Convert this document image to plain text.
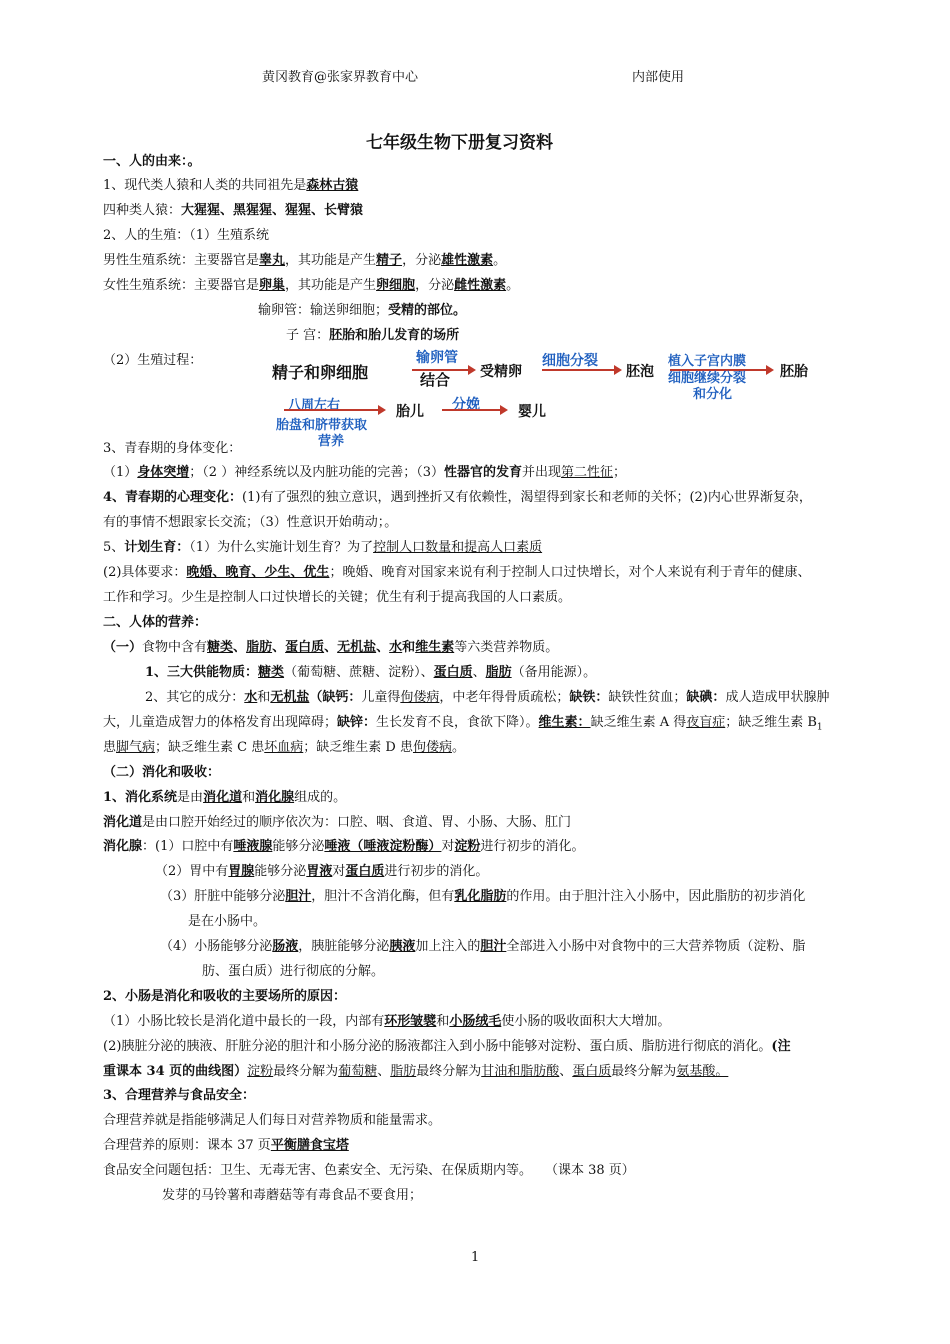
黄冈教育@张家界教育中心	内部使用
七年级生物下册复习资料
一、人的由来：。
1、现代类人猿和人类的共同祖先是森林古猿
四种类人猿：大猩猩、黑猩猩、猩猩、长臂猿
2、人的生殖：（1）生殖系统
男性生殖系统：主要器官是睾丸，其功能是产生精子，分泌雄性激素。
女性生殖系统：主要器官是卵巢，其功能是产生卵细胞，分泌雌性激素。
输卵管：输送卵细胞；受精的部位。
子 宫：胚胎和胎儿发育的场所
（2）生殖过程：
精子和卵细胞
输卵管
结合 受精卵
细胞分裂
胚泡
植入子宫内膜
细胞继续分裂
和分化
胚胎
八周左右
胎盘和脐带获取
营养
胎儿 分娩	婴儿
3、青春期的身体变化：
（1）身体突增；（2 ）神经系统以及内脏功能的完善；（3）性器官的发育并出现第二性征；
4、青春期的心理变化：(1)有了强烈的独立意识，遇到挫折又有依赖性，渴望得到家长和老师的关怀；(2)内心世界渐复杂，
有的事情不想跟家长交流；（3）性意识开始萌动；。
5、计划生育：（1）为什么实施计划生育？为了控制人口数量和提高人口素质
(2)具体要求：晚婚、晚育、少生、优生；晚婚、晚育对国家来说有利于控制人口过快增长，对个人来说有利于青年的健康、
工作和学习。少生是控制人口过快增长的关键；优生有利于提高我国的人口素质。
二、人体的营养：
（一）食物中含有糖类、脂肪、蛋白质、无机盐、水和维生素等六类营养物质。
1、三大供能物质：糖类（葡萄糖、蔗糖、淀粉）、蛋白质、脂肪（备用能源）。
2、其它的成分：水和无机盐（缺钙：儿童得佝偻病，中老年得骨质疏松；缺铁：缺铁性贫血；缺碘：成人造成甲状腺肿
大，儿童造成智力的体格发育出现障碍；缺锌：生长发育不良，食欲下降）。维生素：缺乏维生素 A 得夜盲症；缺乏维生素 $B_1$
患脚气病；缺乏维生素 C 患坏血病；缺乏维生素 D 患佝偻病。
（二）消化和吸收：
1、消化系统是由消化道和消化腺组成的。
消化道是由口腔开始经过的顺序依次为：口腔、咽、食道、胃、小肠、大肠、肛门
消化腺：(1）口腔中有唾液腺能够分泌唾液（唾液淀粉酶）对淀粉进行初步的消化。
（2）胃中有胃腺能够分泌胃液对蛋白质进行初步的消化。
（3）肝脏中能够分泌胆汁，胆汁不含消化酶，但有乳化脂肪的作用。由于胆汁注入小肠中，因此脂肪的初步消化
是在小肠中。
（4）小肠能够分泌肠液，胰脏能够分泌胰液加上注入的胆汁全部进入小肠中对食物中的三大营养物质（淀粉、脂
肪、蛋白质）进行彻底的分解。
2、小肠是消化和吸收的主要场所的原因：
（1）小肠比较长是消化道中最长的一段，内部有环形皱襞和小肠绒毛使小肠的吸收面积大大增加。
(2)胰脏分泌的胰液、肝脏分泌的胆汁和小肠分泌的肠液都注入到小肠中能够对淀粉、蛋白质、脂肪进行彻底的消化。(注
重课本 34 页的曲线图）淀粉最终分解为葡萄糖、脂肪最终分解为甘油和脂肪酸、蛋白质最终分解为氨基酸。
3、合理营养与食品安全：
合理营养就是指能够满足人们每日对营养物质和能量需求。
合理营养的原则：课本 37 页平衡膳食宝塔
食品安全问题包括：卫生、无毒无害、色素安全、无污染、在保质期内等。　　（课本 38 页）
发芽的马铃薯和毒蘑菇等有毒食品不要食用；
1
